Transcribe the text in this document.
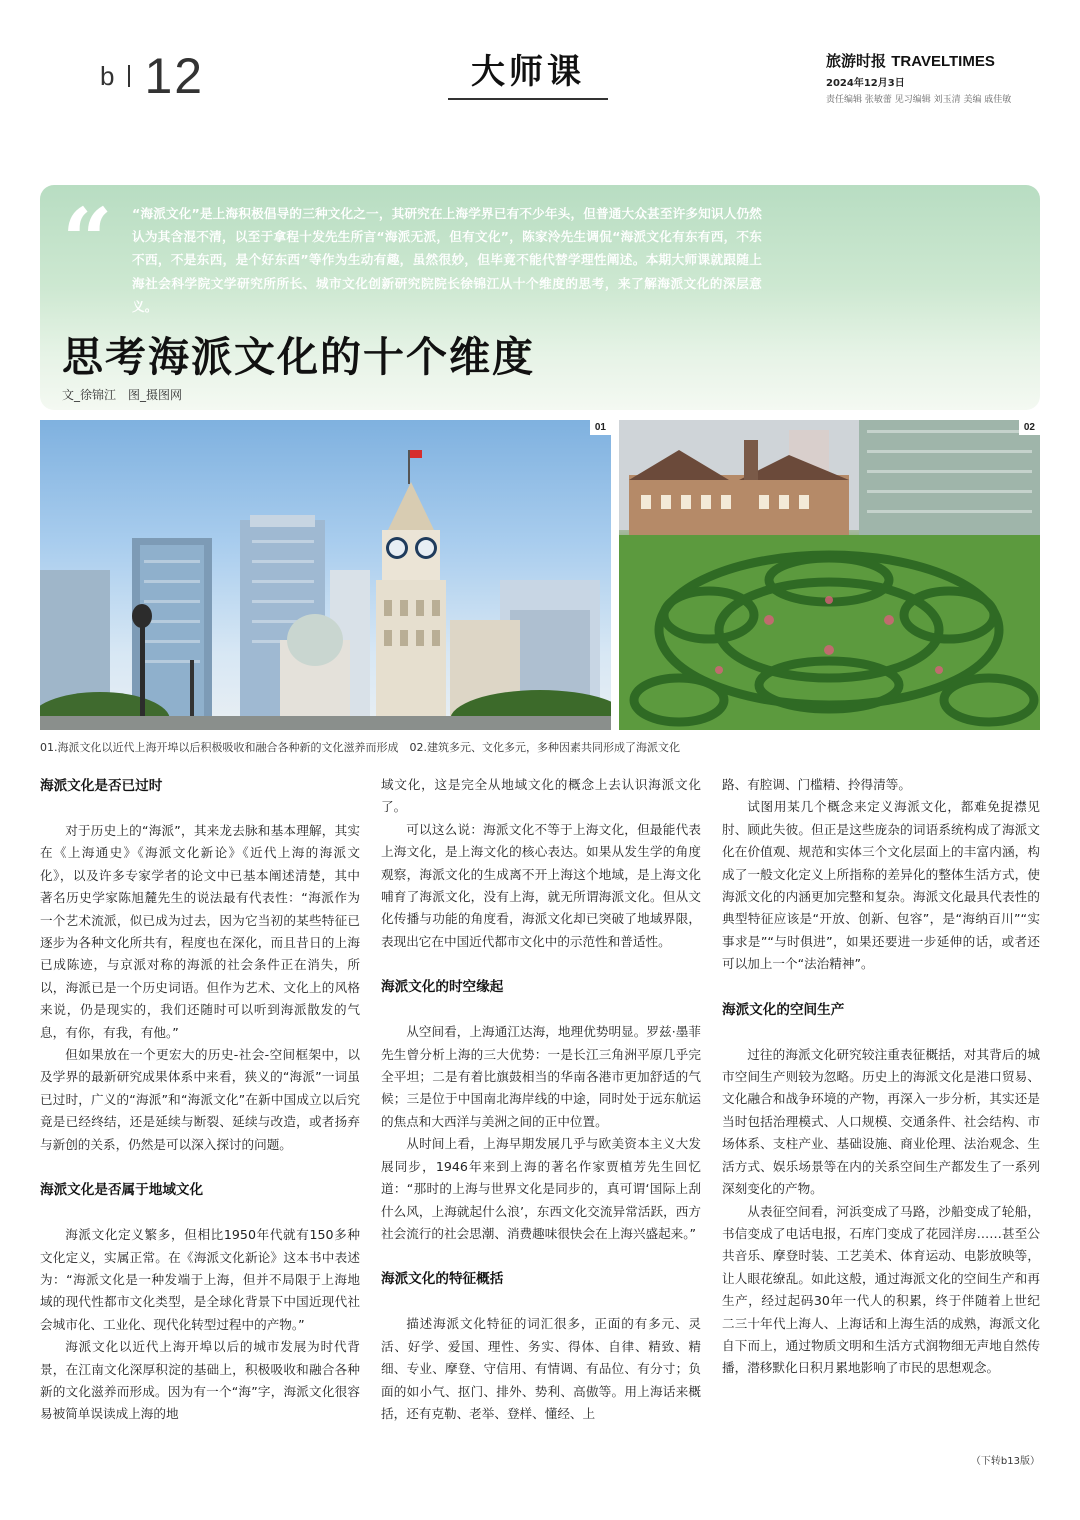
b 12	大师课	旅游时报 TRAVELTIMES
2024年12月3日
责任编辑 张敏蕾 见习编辑 刘玉清 美编 戚佳敏
“ “海派文化”是上海积极倡导的三种文化之一，其研究在上海学界已有不少年头，但普通大众甚至许多知识人仍然认为其含混不清，以至于拿程十发先生所言“海派无派，但有文化”，陈家泠先生调侃“海派文化有东有西，不东不西，不是东西，是个好东西”等作为生动有趣，虽然很妙，但毕竟不能代替学理性阐述。本期大师课就跟随上海社会科学院文学研究所所长、城市文化创新研究院院长徐锦江从十个维度的思考，来了解海派文化的深层意义。
思考海派文化的十个维度
文_徐锦江　图_摄图网
01	02
01.海派文化以近代上海开埠以后积极吸收和融合各种新的文化滋养而形成　02.建筑多元、文化多元，多种因素共同形成了海派文化
海派文化是否已过时

对于历史上的“海派”，其来龙去脉和基本理解，其实在《上海通史》《海派文化新论》《近代上海的海派文化》，以及许多专家学者的论文中已基本阐述清楚，其中著名历史学家陈旭麓先生的说法最有代表性：“海派作为一个艺术流派，似已成为过去，因为它当初的某些特征已逐步为各种文化所共有，程度也在深化，而且昔日的上海已成陈迹，与京派对称的海派的社会条件正在消失，所以，海派已是一个历史词语。但作为艺术、文化上的风格来说，仍是现实的，我们还随时可以听到海派散发的气息，有你，有我，有他。”

但如果放在一个更宏大的历史-社会-空间框架中，以及学界的最新研究成果体系中来看，狭义的“海派”一词虽已过时，广义的“海派”和“海派文化”在新中国成立以后究竟是已经终结，还是延续与断裂、延续与改造，或者扬弃与新创的关系，仍然是可以深入探讨的问题。

海派文化是否属于地域文化

海派文化定义繁多，但相比1950年代就有150多种文化定义，实属正常。在《海派文化新论》这本书中表述为：“海派文化是一种发端于上海，但并不局限于上海地域的现代性都市文化类型，是全球化背景下中国近现代社会城市化、工业化、现代化转型过程中的产物。”

海派文化以近代上海开埠以后的城市发展为时代背景，在江南文化深厚积淀的基础上，积极吸收和融合各种新的文化滋养而形成。因为有一个“海”字，海派文化很容易被简单误读成上海的地

域文化，这是完全从地域文化的概念上去认识海派文化了。

可以这么说：海派文化不等于上海文化，但最能代表上海文化，是上海文化的核心表达。如果从发生学的角度观察，海派文化的生成离不开上海这个地域，是上海文化哺育了海派文化，没有上海，就无所谓海派文化。但从文化传播与功能的角度看，海派文化却已突破了地域界限，表现出它在中国近代都市文化中的示范性和普适性。

海派文化的时空缘起

从空间看，上海通江达海，地理优势明显。罗兹·墨菲先生曾分析上海的三大优势：一是长江三角洲平原几乎完全平坦；二是有着比旗鼓相当的华南各港市更加舒适的气候；三是位于中国南北海岸线的中途，同时处于远东航运的焦点和大西洋与美洲之间的正中位置。

从时间上看，上海早期发展几乎与欧美资本主义大发展同步，1946年来到上海的著名作家贾植芳先生回忆道：“那时的上海与世界文化是同步的，真可谓‘国际上刮什么风，上海就起什么浪’，东西文化交流异常活跃，西方社会流行的社会思潮、消费趣味很快会在上海兴盛起来。”

海派文化的特征概括

描述海派文化特征的词汇很多，正面的有多元、灵活、好学、爱国、理性、务实、得体、自律、精致、精细、专业、摩登、守信用、有情调、有品位、有分寸；负面的如小气、抠门、排外、势利、高傲等。用上海话来概括，还有克勒、老举、登样、懂经、上

路、有腔调、门槛精、拎得清等。

试图用某几个概念来定义海派文化，都难免捉襟见肘、顾此失彼。但正是这些庞杂的词语系统构成了海派文化在价值观、规范和实体三个文化层面上的丰富内涵，构成了一般文化定义上所指称的差异化的整体生活方式，使海派文化的内涵更加完整和复杂。海派文化最具代表性的典型特征应该是“开放、创新、包容”，是“海纳百川”“实事求是”“与时俱进”，如果还要进一步延伸的话，或者还可以加上一个“法治精神”。

海派文化的空间生产

过往的海派文化研究较注重表征概括，对其背后的城市空间生产则较为忽略。历史上的海派文化是港口贸易、文化融合和战争环境的产物，再深入一步分析，其实还是当时包括治理模式、人口规模、交通条件、社会结构、市场体系、支柱产业、基础设施、商业伦理、法治观念、生活方式、娱乐场景等在内的关系空间生产都发生了一系列深刻变化的产物。

从表征空间看，河浜变成了马路，沙船变成了轮船，书信变成了电话电报，石库门变成了花园洋房……甚至公共音乐、摩登时装、工艺美术、体育运动、电影放映等，让人眼花缭乱。如此这般，通过海派文化的空间生产和再生产，经过起码30年一代人的积累，终于伴随着上世纪二三十年代上海人、上海话和上海生活的成熟，海派文化自下而上，通过物质文明和生活方式润物细无声地自然传播，潜移默化日积月累地影响了市民的思想观念。

（下转b13版）
